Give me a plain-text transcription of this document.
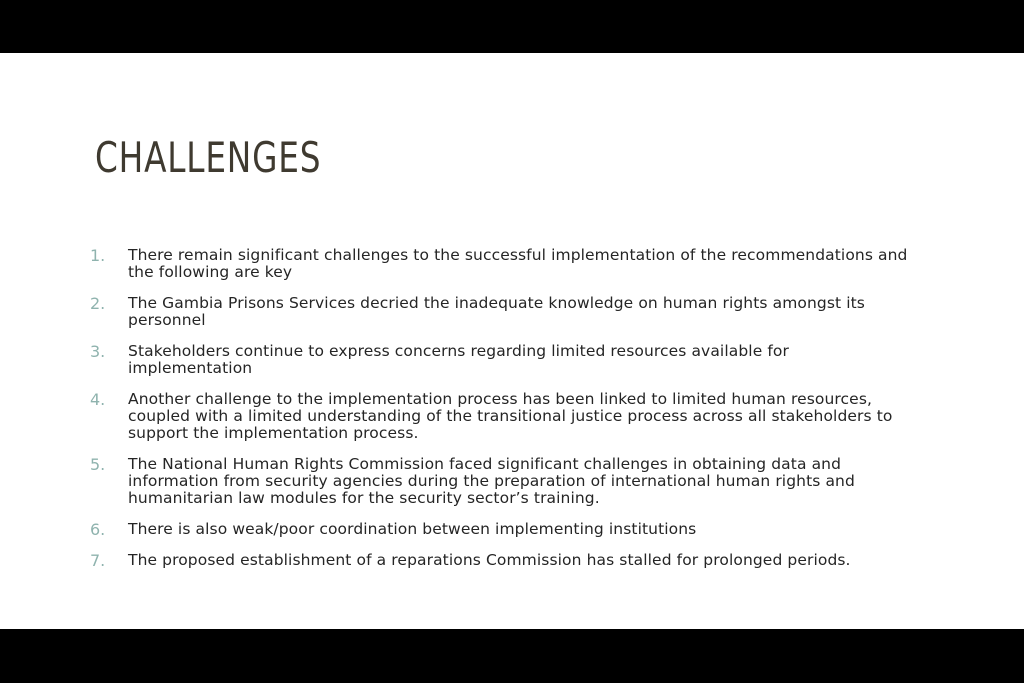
CHALLENGES
1. There remain significant challenges to the successful implementation of the recommendations and the following are key
2. The Gambia Prisons Services decried the inadequate knowledge on human rights amongst its personnel
3. Stakeholders continue to express concerns regarding limited resources available for implementation
4. Another challenge to the implementation process has been linked to limited human resources, coupled with a limited understanding of the transitional justice process across all stakeholders to support the implementation process.
5. The National Human Rights Commission faced significant challenges in obtaining data and information from security agencies during the preparation of international human rights and humanitarian law modules for the security sector’s training.
6. There is also weak/poor coordination between implementing institutions
7. The proposed establishment of a reparations Commission has stalled for prolonged periods.
